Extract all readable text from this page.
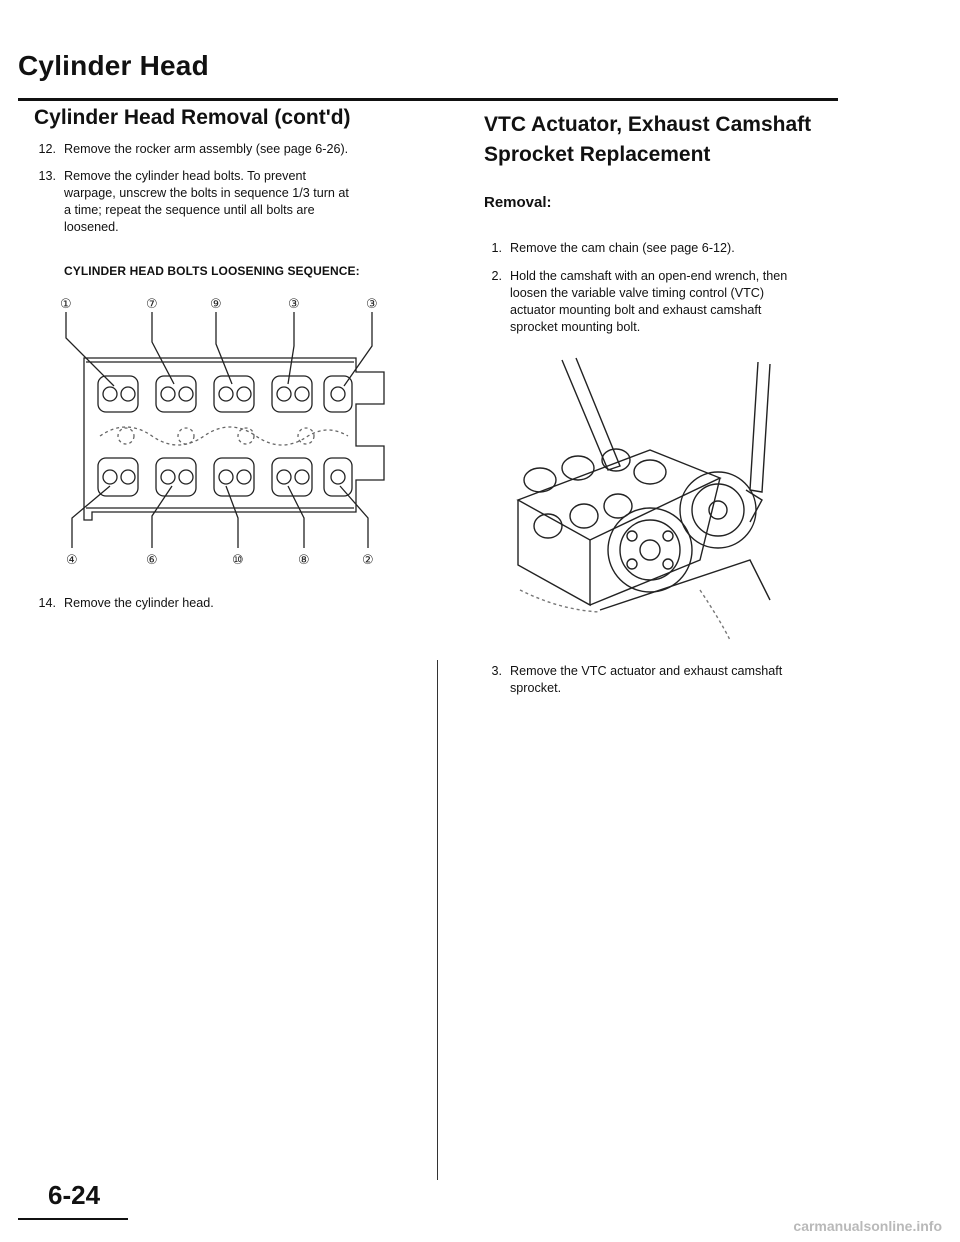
Cylinder Head
Cylinder Head Removal (cont'd)
12. Remove the rocker arm assembly (see page 6-26).
13. Remove the cylinder head bolts. To prevent
warpage, unscrew the bolts in sequence 1/3 turn at
a time; repeat the sequence until all bolts are
loosened.
CYLINDER HEAD BOLTS LOOSENING SEQUENCE:
①	⑦	⑨	③	③
④	⑥	⑩	⑧	②
14. Remove the cylinder head.
VTC Actuator, Exhaust Camshaft
Sprocket Replacement
Removal:
1. Remove the cam chain (see page 6-12).
2. Hold the camshaft with an open-end wrench, then
loosen the variable valve timing control (VTC)
actuator mounting bolt and exhaust camshaft
sprocket mounting bolt.
3. Remove the VTC actuator and exhaust camshaft
sprocket.
6-24
carmanualsonline.info
